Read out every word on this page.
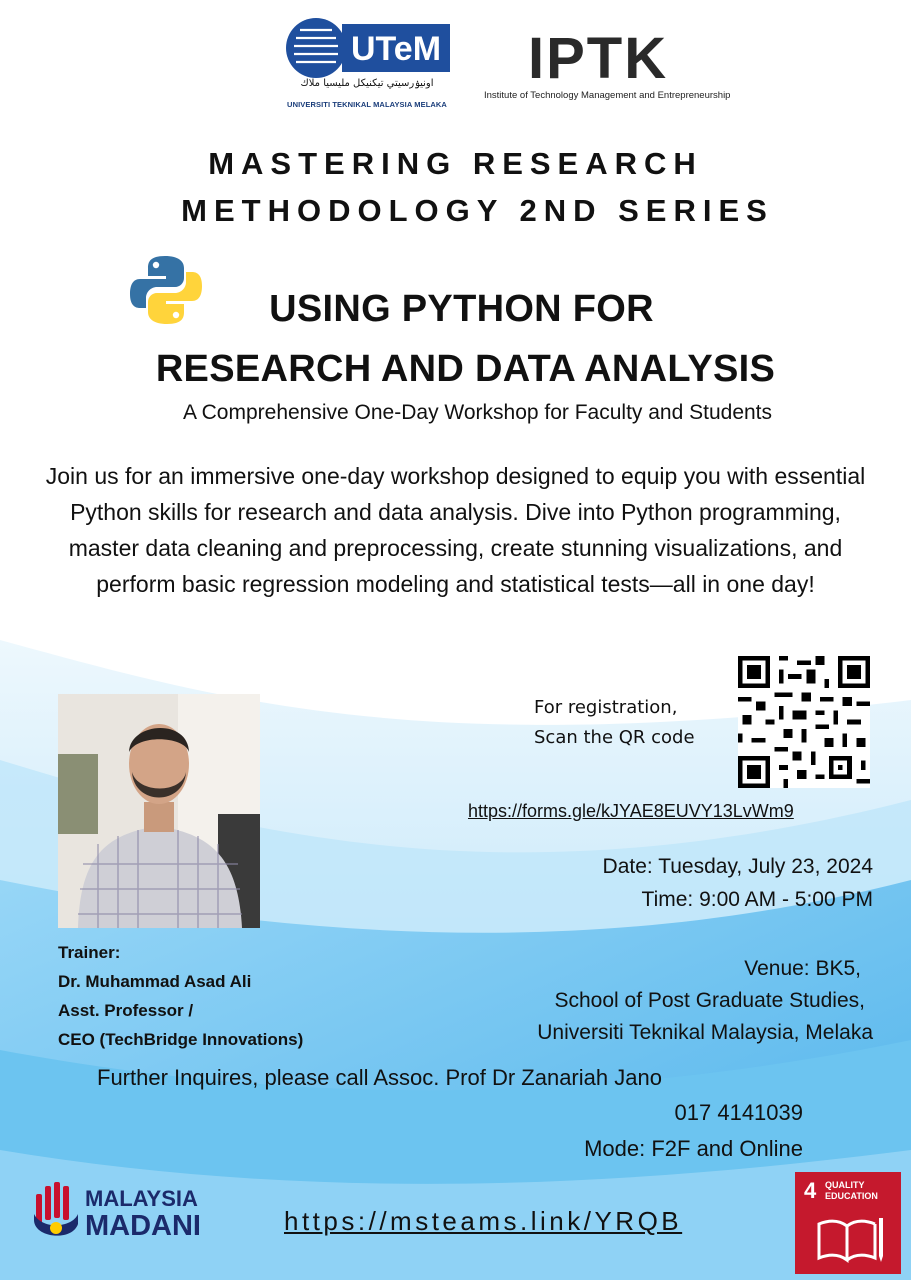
UTeM
اونيۏرسيتي تيكنيكل مليسيا ملاك
UNIVERSITI TEKNIKAL MALAYSIA MELAKA
IPTK
Institute of Technology Management and Entrepreneurship
MASTERING RESEARCH
METHODOLOGY 2ND SERIES
USING PYTHON FOR
RESEARCH AND DATA ANALYSIS
A Comprehensive One-Day Workshop for Faculty and Students
Join us for an immersive one-day workshop designed to equip you with essential Python skills for research and data analysis. Dive into Python programming, master data cleaning and preprocessing, create stunning visualizations, and perform basic regression modeling and statistical tests—all in one day!
For registration,
Scan the QR code
https://forms.gle/kJYAE8EUVY13LvWm9
Date: Tuesday, July 23, 2024
Time: 9:00 AM - 5:00 PM
Trainer:
Dr. Muhammad Asad Ali
Asst. Professor /
CEO (TechBridge Innovations)
Venue: BK5,
School of Post Graduate Studies,
Universiti Teknikal Malaysia, Melaka
Further Inquires, please call Assoc. Prof Dr Zanariah Jano
017 4141039
Mode: F2F and Online
MALAYSIA
MADANI	https://msteams.link/YRQB
4 QUALITY
EDUCATION
